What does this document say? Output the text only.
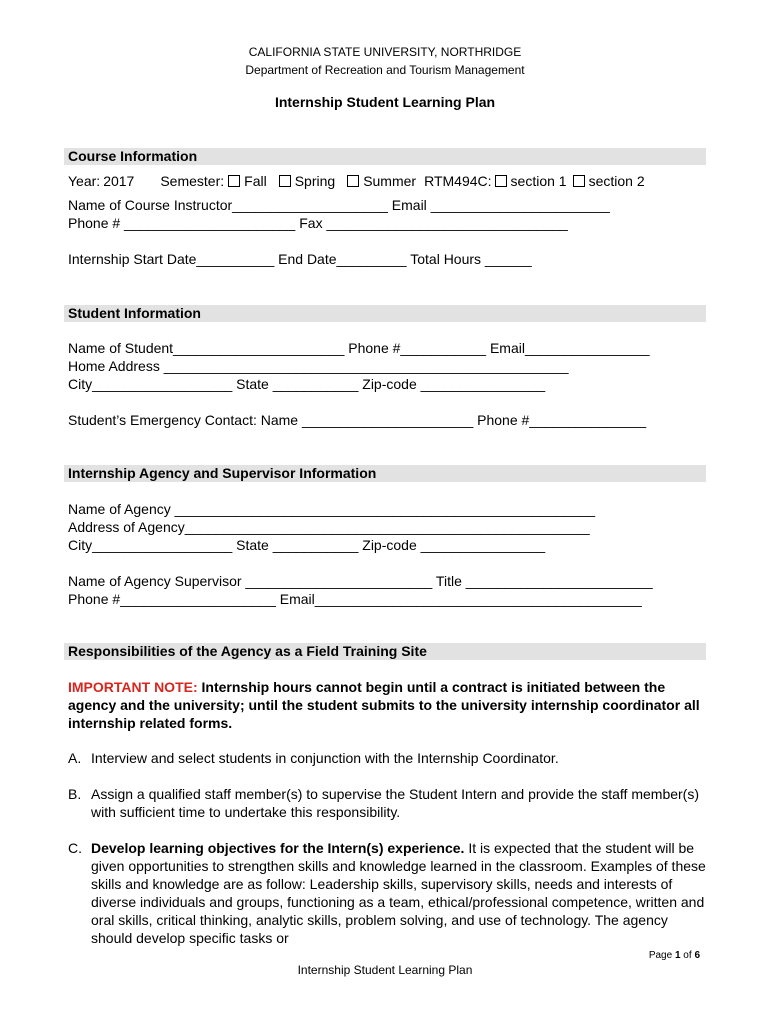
CALIFORNIA STATE UNIVERSITY, NORTHRIDGE
Department of Recreation and Tourism Management
Internship Student Learning Plan
Course Information
Year: 2017 Semester: Fall Spring Summer RTM494C: section 1 section 2
Name of Course Instructor____________________ Email _______________________
Phone # ______________________ Fax _______________________________
Internship Start Date__________ End Date_________ Total Hours ______
Student Information
Name of Student______________________ Phone #___________ Email________________
Home Address ____________________________________________________
City__________________ State ___________ Zip-code ________________
Student’s Emergency Contact: Name ______________________ Phone #_______________
Internship Agency and Supervisor Information
Name of Agency ______________________________________________________
Address of Agency____________________________________________________
City__________________ State ___________ Zip-code ________________
Name of Agency Supervisor ________________________ Title ________________________
Phone #____________________ Email__________________________________________
Responsibilities of the Agency as a Field Training Site
IMPORTANT NOTE: Internship hours cannot begin until a contract is initiated between the agency and the university; until the student submits to the university internship coordinator all internship related forms.
A. Interview and select students in conjunction with the Internship Coordinator.
B. Assign a qualified staff member(s) to supervise the Student Intern and provide the staff member(s) with sufficient time to undertake this responsibility.
C. Develop learning objectives for the Intern(s) experience. It is expected that the student will be given opportunities to strengthen skills and knowledge learned in the classroom. Examples of these skills and knowledge are as follow: Leadership skills, supervisory skills, needs and interests of diverse individuals and groups, functioning as a team, ethical/professional competence, written and oral skills, critical thinking, analytic skills, problem solving, and use of technology. The agency should develop specific tasks or
Page 1 of 6
Internship Student Learning Plan
